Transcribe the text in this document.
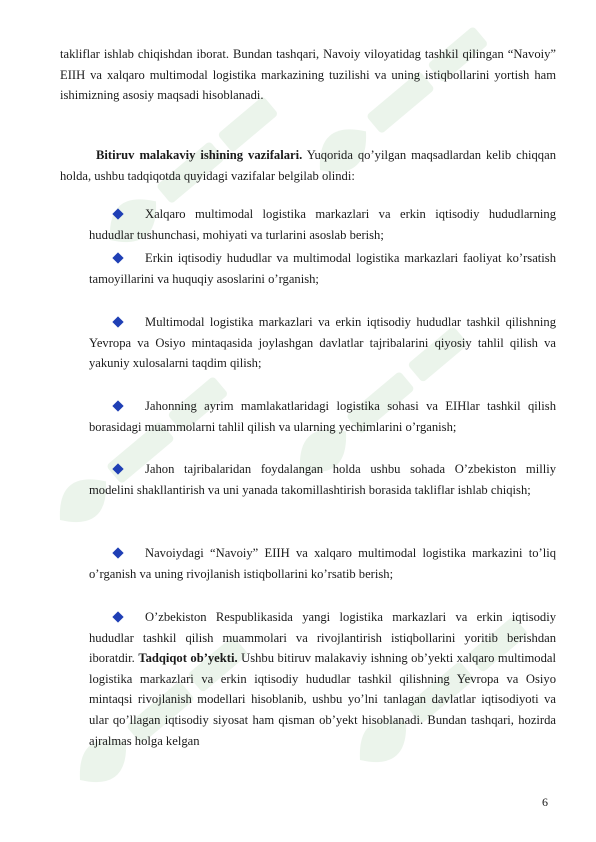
takliflar ishlab chiqishdan iborat. Bundan tashqari, Navoiy viloyatidag tashkil qilingan “Navoiy” EIIH va xalqaro multimodal logistika markazining tuzilishi va uning istiqbollarini yortish ham ishimizning asosiy maqsadi hisoblanadi.

Bitiruv malakaviy ishining vazifalari. Yuqorida qo’yilgan maqsadlardan kelib chiqqan holda, ushbu tadqiqotda quyidagi vazifalar belgilab olindi:

Xalqaro multimodal logistika markazlari va erkin iqtisodiy hududlarning hududlar tushunchasi, mohiyati va turlarini asoslab berish;

Erkin iqtisodiy hududlar va multimodal logistika markazlari faoliyat ko’rsatish tamoyillarini va huquqiy asoslarini o’rganish;

Multimodal logistika markazlari va erkin iqtisodiy hududlar tashkil qilishning Yevropa va Osiyo mintaqasida joylashgan davlatlar tajribalarini qiyosiy tahlil qilish va yakuniy xulosalarni taqdim qilish;

Jahonning ayrim mamlakatlaridagi logistika sohasi va EIHlar tashkil qilish borasidagi muammolarni tahlil qilish va ularning yechimlarini o’rganish;

Jahon tajribalaridan foydalangan holda ushbu sohada O’zbekiston milliy modelini shakllantirish va uni yanada takomillashtirish borasida takliflar ishlab chiqish;

Navoiydagi “Navoiy” EIIH va xalqaro multimodal logistika markazini to’liq o’rganish va uning rivojlanish istiqbollarini ko’rsatib berish;

O’zbekiston Respublikasida yangi logistika markazlari va erkin iqtisodiy hududlar tashkil qilish muammolari va rivojlantirish istiqbollarini yoritib berishdan iboratdir. Tadqiqot ob’yekti. Ushbu bitiruv malakaviy ishning ob’yekti xalqaro multimodal logistika markazlari va erkin iqtisodiy hududlar tashkil qilishning Yevropa va Osiyo mintaqsi rivojlanish modellari hisoblanib, ushbu yo’lni tanlagan davlatlar iqtisodiyoti va ular qo’llagan iqtisodiy siyosat ham qisman ob’yekt hisoblanadi. Bundan tashqari, hozirda ajralmas holga kelgan

6
